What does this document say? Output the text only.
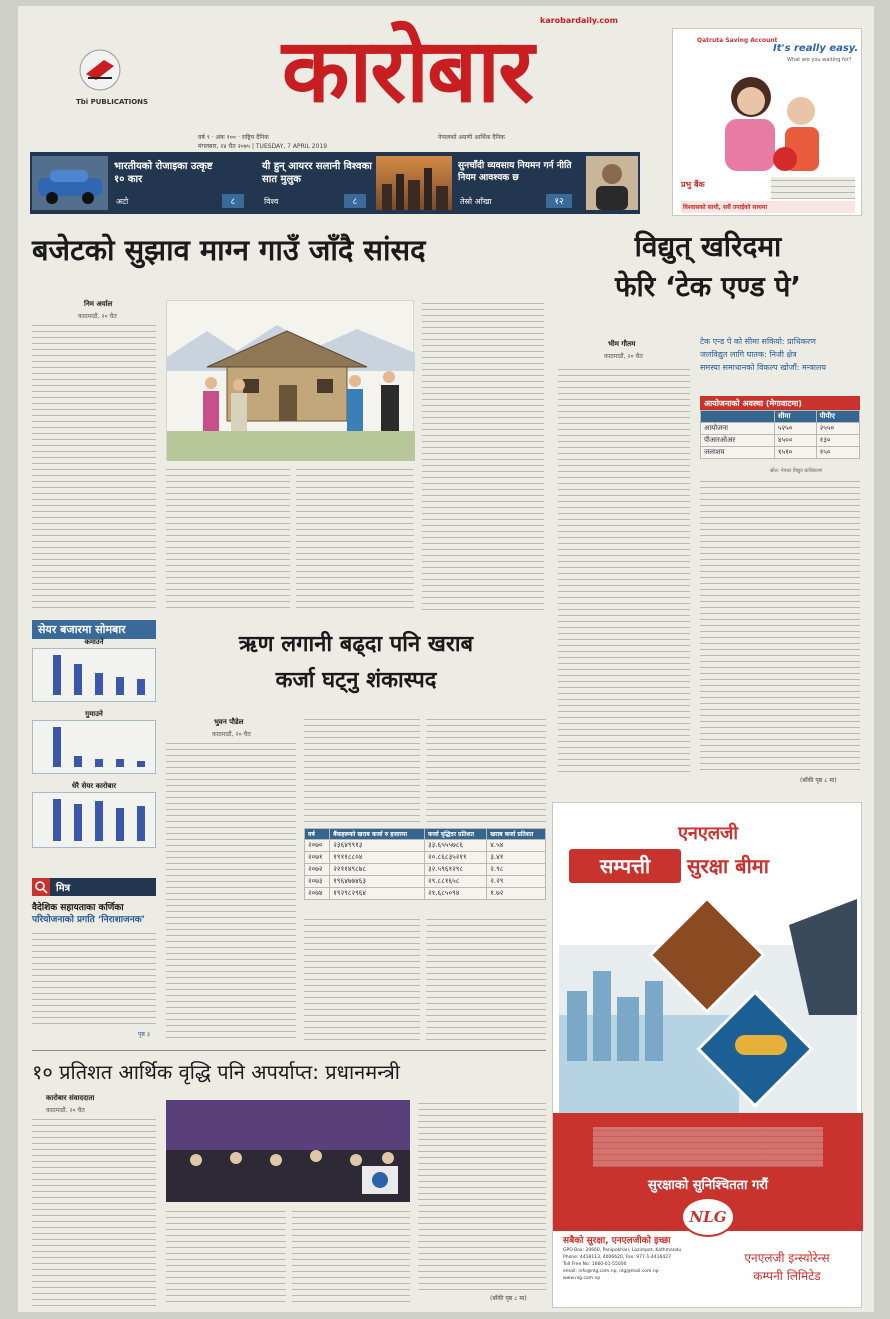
Tbi PUBLICATIONS	कारोबार karobardaily.com
वर्ष ९ · अंक १०० · राष्ट्रिय दैनिक
मंगलबार, २४ चैत २०७५ | TUESDAY, 7 APRIL 2019
नेपालको अग्रणी आर्थिक दैनिक
भारतीयको रोजाइका उत्कृष्ट १० कार
अटो	८
यी हुन् आयरर सलानी विश्वका सात मुलुक
विश्व	८
सुनचाँदी व्यवसाय नियमन गर्न नीति नियम आवश्यक छ
तेस्रो आँखा	१२
Qatruta Saving Account
It's really easy.
What are you waiting for?
प्रभु बैंक
विश्वासको साथी, सधैं तपाईंको साथमा
बजेटको सुझाव माग्न गाउँ जाँदै सांसद
निम अर्याल
काठमाडौं, २० चैत
विद्युत् खरिदमा
फेरि ‘टेक एण्ड पे’
भीम गौतम
काठमाडौं, २० चैत
टेक एन्ड पे को सीमा सकियो: प्राधिकरण
जलविद्युत लागि घातक: निजी क्षेत्र
समस्या समाधानको विकल्प खोजौं: मन्त्रालय
आयोजनाको अवस्था (मेगावाटमा)
	सीमा	पीपीए
आयोजना	५२५०	२५५०
पीआरओअर	४५००	१३०
जलाशय	१५१०	१५०
स्रोत: नेपाल विद्युत प्राधिकरण
(बाँकी पृष्ठ ८ मा)
सेयर बजारमा सोमबार
कमाउने
गुमाउने
धेरै सेयर कारोबार
ऋण लगानी बढ्दा पनि खराब
कर्जा घट्नु शंकास्पद
भुवन पौडेल
काठमाडौं, २० चैत
वर्ष	बैंकहरूको खराब कर्जा रु हजारमा	कर्जा वृद्धिदर प्रतिशत	खराब कर्जा प्रतिशत
२०७०	२३६४९९१३	३३.६५५५७८६	४.५४
२०७१	१९११८८०४	२०.८६८३५२११	३.४१
२०७२	२२११४९८७८	३२.५९६१२९८	२.९८
२०७३	१९६४७७४६३	२९.८८१६५८	२.२९
२०७४	१९२९८२९६४	२१.६८५०९४	१.७२
मित्र
वैदेशिक सहायताका कर्णिका
परियोजनाको प्रगति ‘निराशाजनक’
पृष्ठ ३
१० प्रतिशत आर्थिक वृद्धि पनि अपर्याप्त: प्रधानमन्त्री
कारोबार संवाददाता
काठमाडौं, २० चैत
(बाँकी पृष्ठ ८ मा)
एनएलजी
सम्पत्ती	सुरक्षा बीमा
सुरक्षाको सुनिश्चितता गरौं
NLG
सबैको सुरक्षा, एनएलजीको इच्छा
GPO Box: 20660, Panipokhari, Lazimpat, Kathmandu
Phone: 4418113, 4006620, Fax: 977-1-4416427
Toll Free No: 1660-01-55000
email: info@nlg.com.np, nlg@mail.com.np
www.nlg.com.np
एनएलजी इन्स्योरेन्स
कम्पनी लिमिटेड
